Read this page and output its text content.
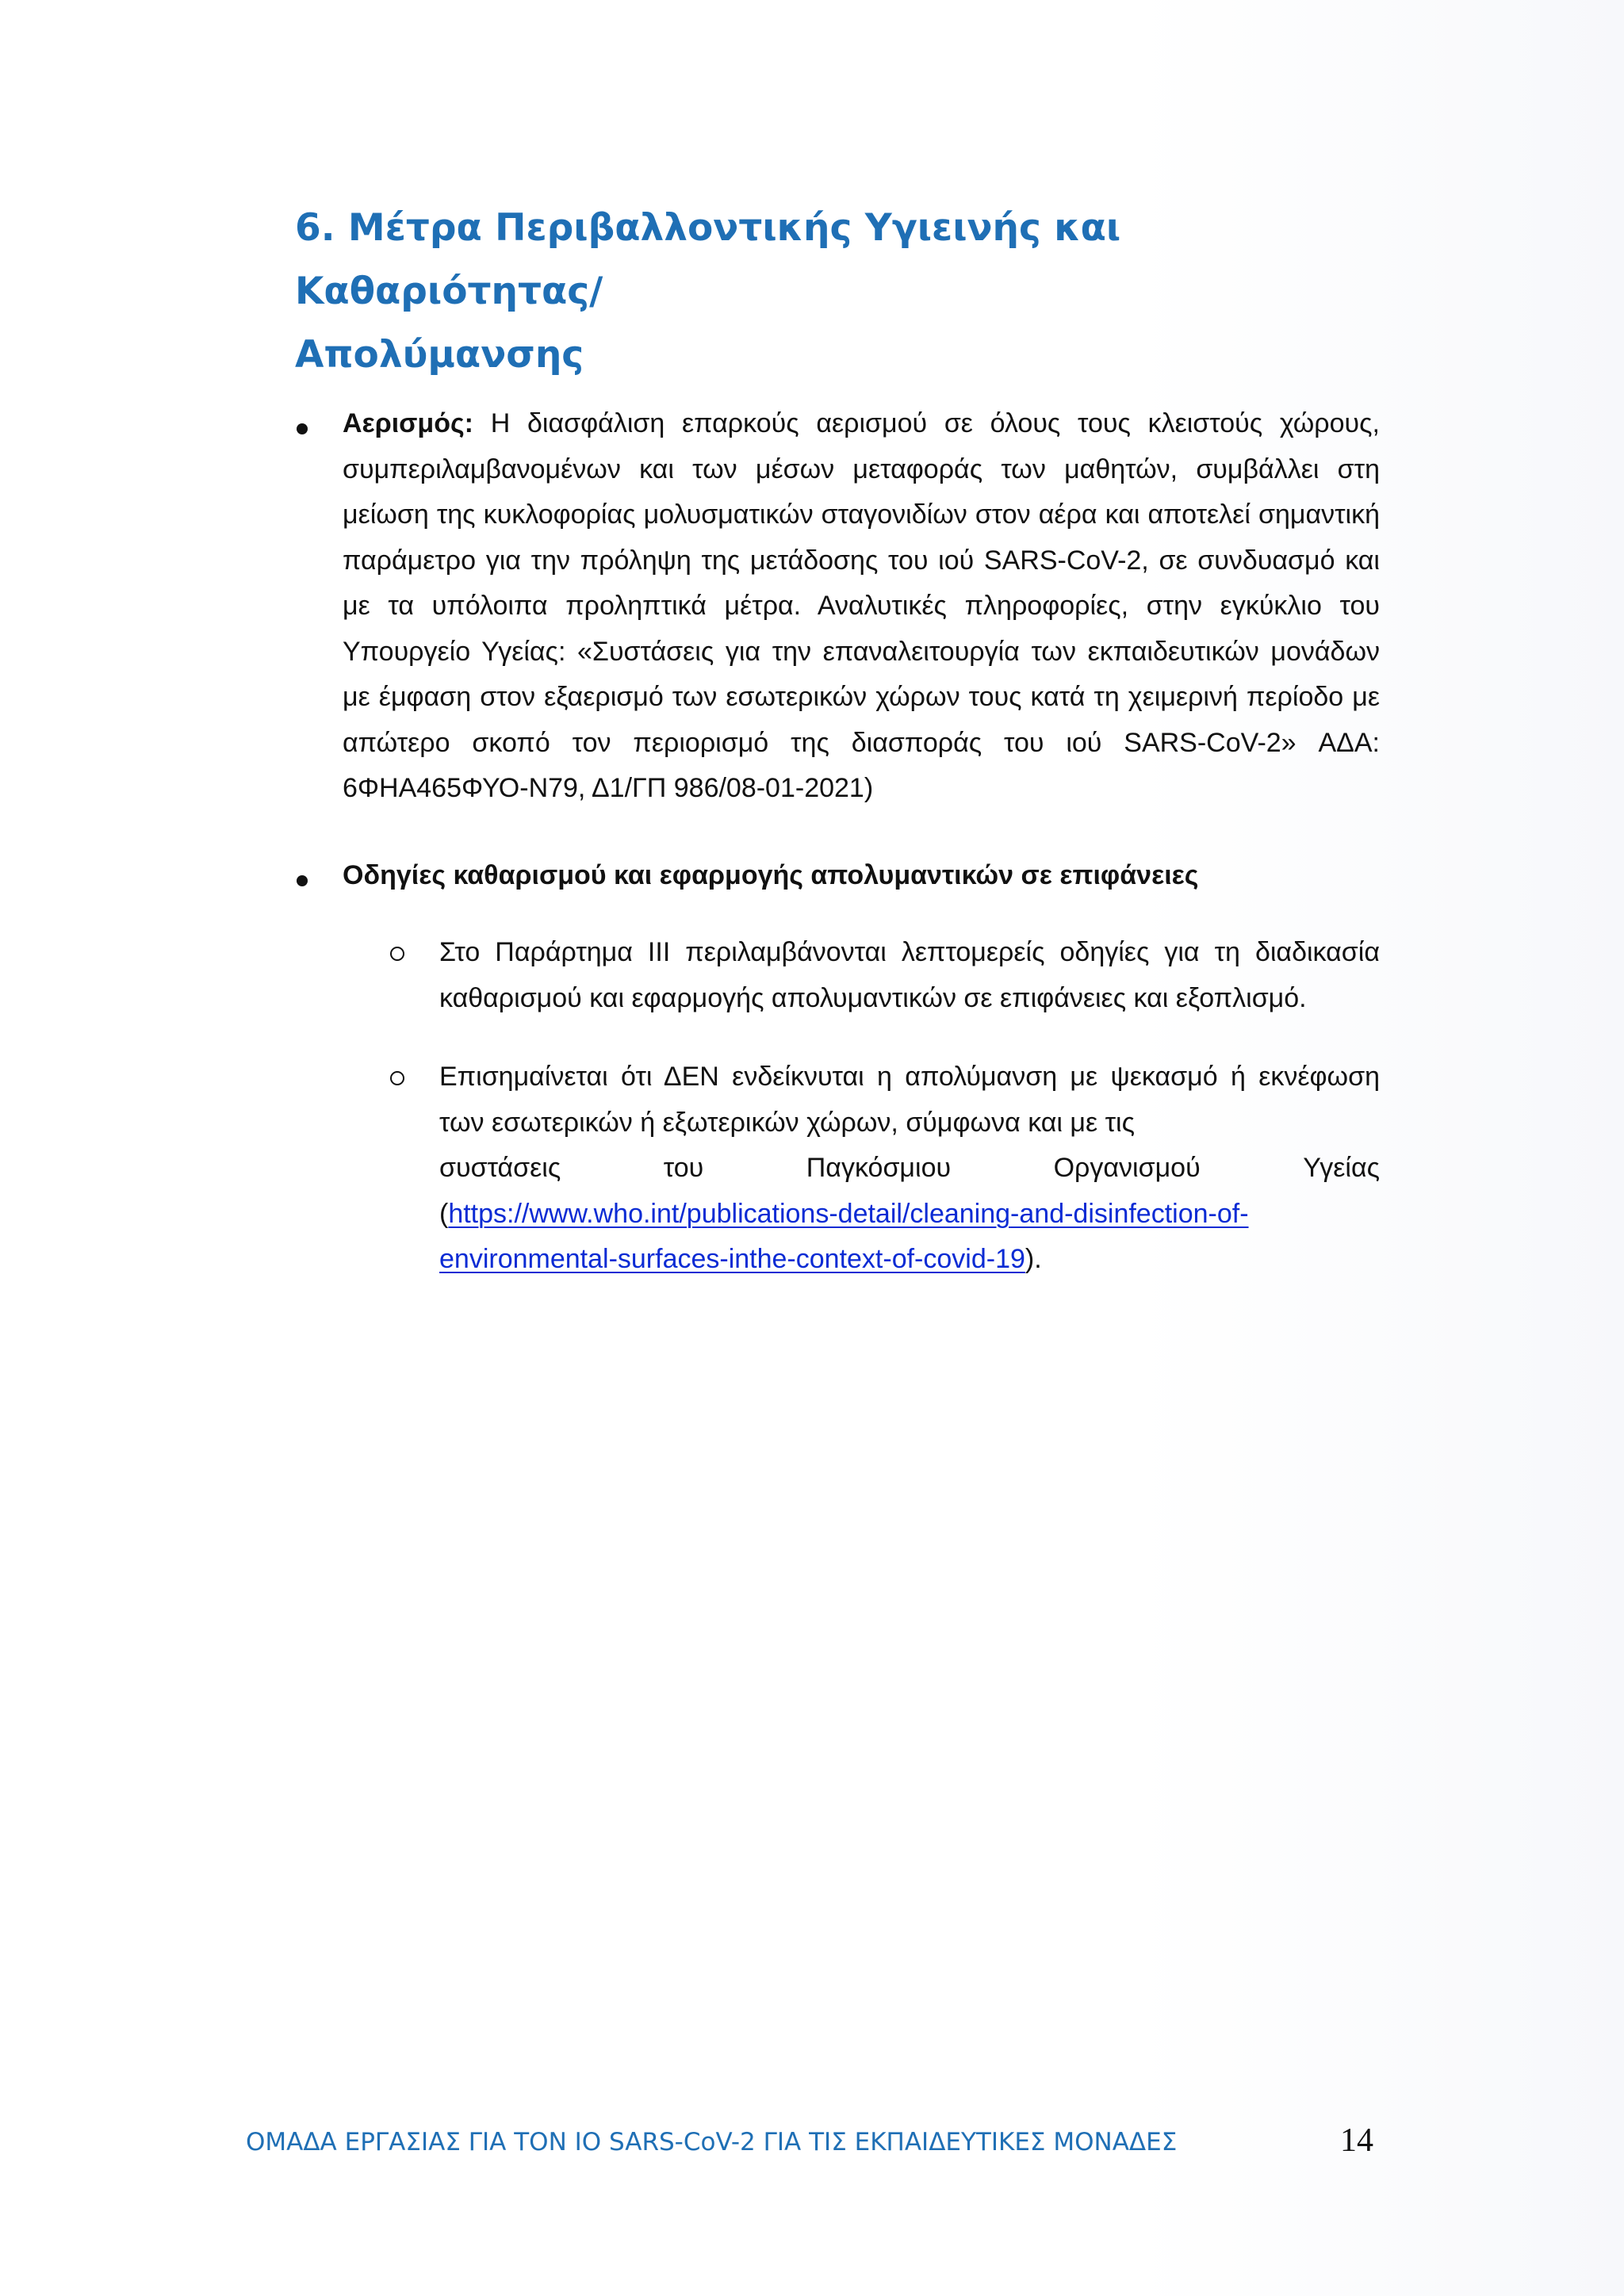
6. Μέτρα Περιβαλλοντικής Υγιεινής και Καθαριότητας/
Απολύμανσης
Αερισμός: Η διασφάλιση επαρκούς αερισμού σε όλους τους κλειστούς χώρους, συμπεριλαμβανομένων και των μέσων μεταφοράς των μαθητών, συμβάλλει στη μείωση της κυκλοφορίας μολυσματικών σταγονιδίων στον αέρα και αποτελεί σημαντική παράμετρο για την πρόληψη της μετάδοσης του ιού SARS-CoV-2, σε συνδυασμό και με τα υπόλοιπα προληπτικά μέτρα. Αναλυτικές πληροφορίες, στην εγκύκλιο του Υπουργείο Υγείας: «Συστάσεις για την επαναλειτουργία των εκπαιδευτικών μονάδων με έμφαση στον εξαερισμό των εσωτερικών χώρων τους κατά τη χειμερινή περίοδο με απώτερο σκοπό τον περιορισμό της διασποράς του ιού SARS-CoV-2» ΑΔΑ: 6ΦΗΑ465ΦΥΟ-Ν79, Δ1/ΓΠ 986/08-01-2021)
Οδηγίες καθαρισμού και εφαρμογής απολυμαντικών σε επιφάνειες
Στο Παράρτημα ΙΙΙ περιλαμβάνονται λεπτομερείς οδηγίες για τη διαδικασία καθαρισμού και εφαρμογής απολυμαντικών σε επιφάνειες και εξοπλισμό.
Επισημαίνεται ότι ΔΕΝ ενδείκνυται η απολύμανση με ψεκασμό ή εκνέφωση των εσωτερικών ή εξωτερικών χώρων, σύμφωνα και με τις
συστάσεις	του	Παγκόσμιου	Οργανισμού	Υγείας
(https://www.who.int/publications-detail/cleaning-and-disinfection-of-
environmental-surfaces-inthe-context-of-covid-19).
ΟΜΑΔΑ ΕΡΓΑΣΙΑΣ ΓΙΑ ΤΟΝ ΙΟ SARS-CoV-2 ΓΙΑ ΤΙΣ ΕΚΠΑΙΔΕΥΤΙΚΕΣ ΜΟΝΑΔΕΣ	14
